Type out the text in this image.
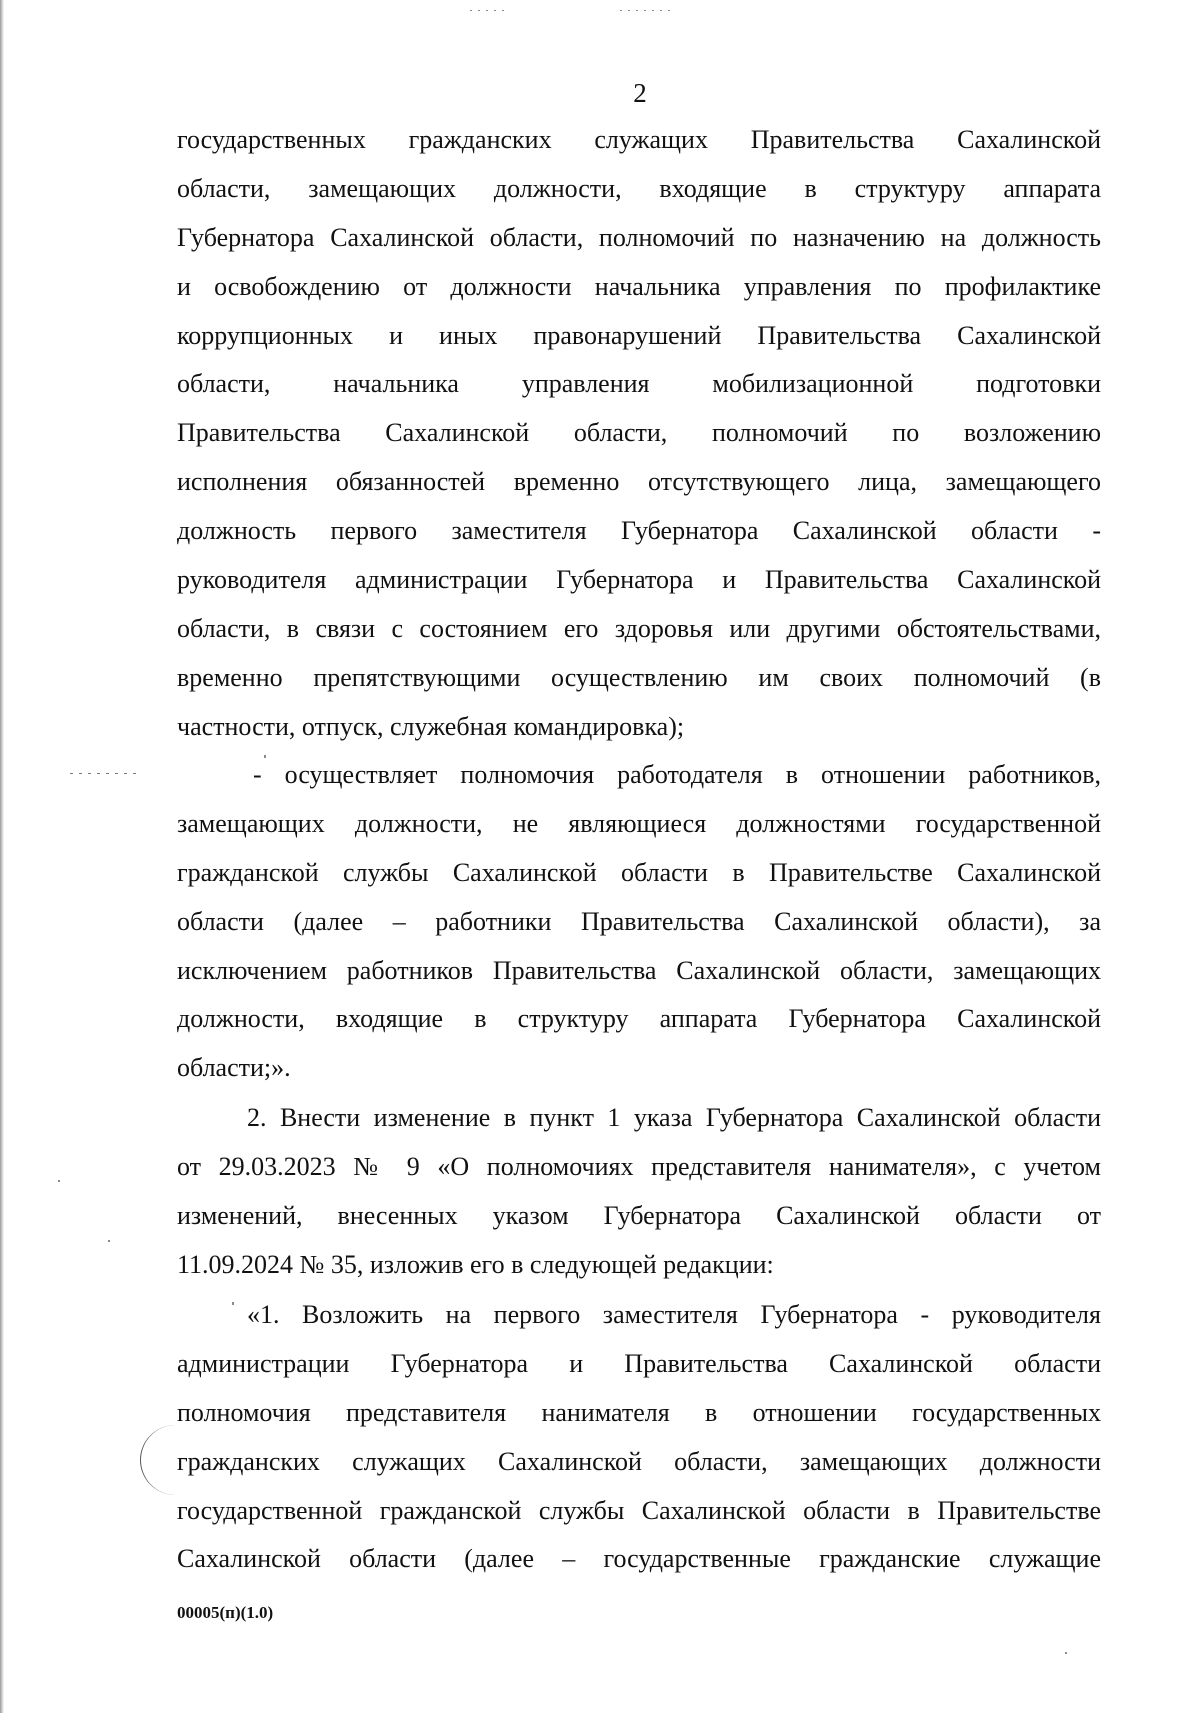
2
государственных гражданских служащих Правительства Сахалинской
области, замещающих должности, входящие в структуру аппарата
Губернатора Сахалинской области, полномочий по назначению на должность
и освобождению от должности начальника управления по профилактике
коррупционных и иных правонарушений Правительства Сахалинской
области, начальника управления мобилизационной подготовки
Правительства Сахалинской области, полномочий по возложению
исполнения обязанностей временно отсутствующего лица, замещающего
должность первого заместителя Губернатора Сахалинской области -
руководителя администрации Губернатора и Правительства Сахалинской
области, в связи с состоянием его здоровья или другими обстоятельствами,
временно препятствующими осуществлению им своих полномочий (в
частности, отпуск, служебная командировка);
- осуществляет полномочия работодателя в отношении работников,
замещающих должности, не являющиеся должностями государственной
гражданской службы Сахалинской области в Правительстве Сахалинской
области (далее – работники Правительства Сахалинской области), за
исключением работников Правительства Сахалинской области, замещающих
должности, входящие в структуру аппарата Губернатора Сахалинской
области;».
2. Внести изменение в пункт 1 указа Губернатора Сахалинской области
от 29.03.2023 № 9 «О полномочиях представителя нанимателя», с учетом
изменений, внесенных указом Губернатора Сахалинской области от
11.09.2024 № 35, изложив его в следующей редакции:
«1. Возложить на первого заместителя Губернатора - руководителя
администрации Губернатора и Правительства Сахалинской области
полномочия представителя нанимателя в отношении государственных
гражданских служащих Сахалинской области, замещающих должности
государственной гражданской службы Сахалинской области в Правительстве
Сахалинской области (далее – государственные гражданские служащие
00005(п)(1.0)
